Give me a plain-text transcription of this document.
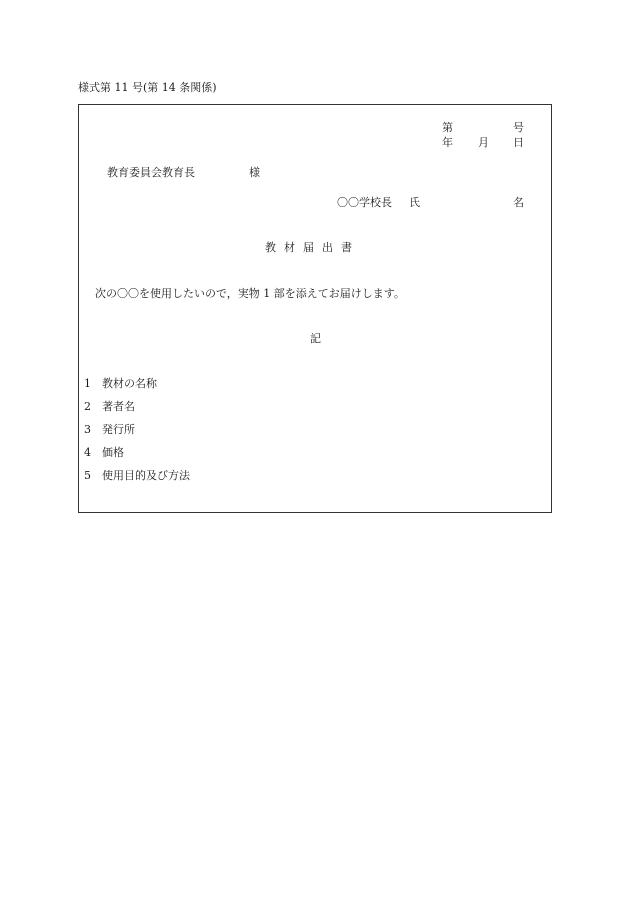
様式第 11 号(第 14 条関係)
第	号
年 月 日
教育委員会教育長	様
〇〇学校長 氏	名
教材届出書
次の〇〇を使用したいので，実物 1 部を添えてお届けします。
記
1 教材の名称
2 著者名
3 発行所
4 価格
5 使用目的及び方法
